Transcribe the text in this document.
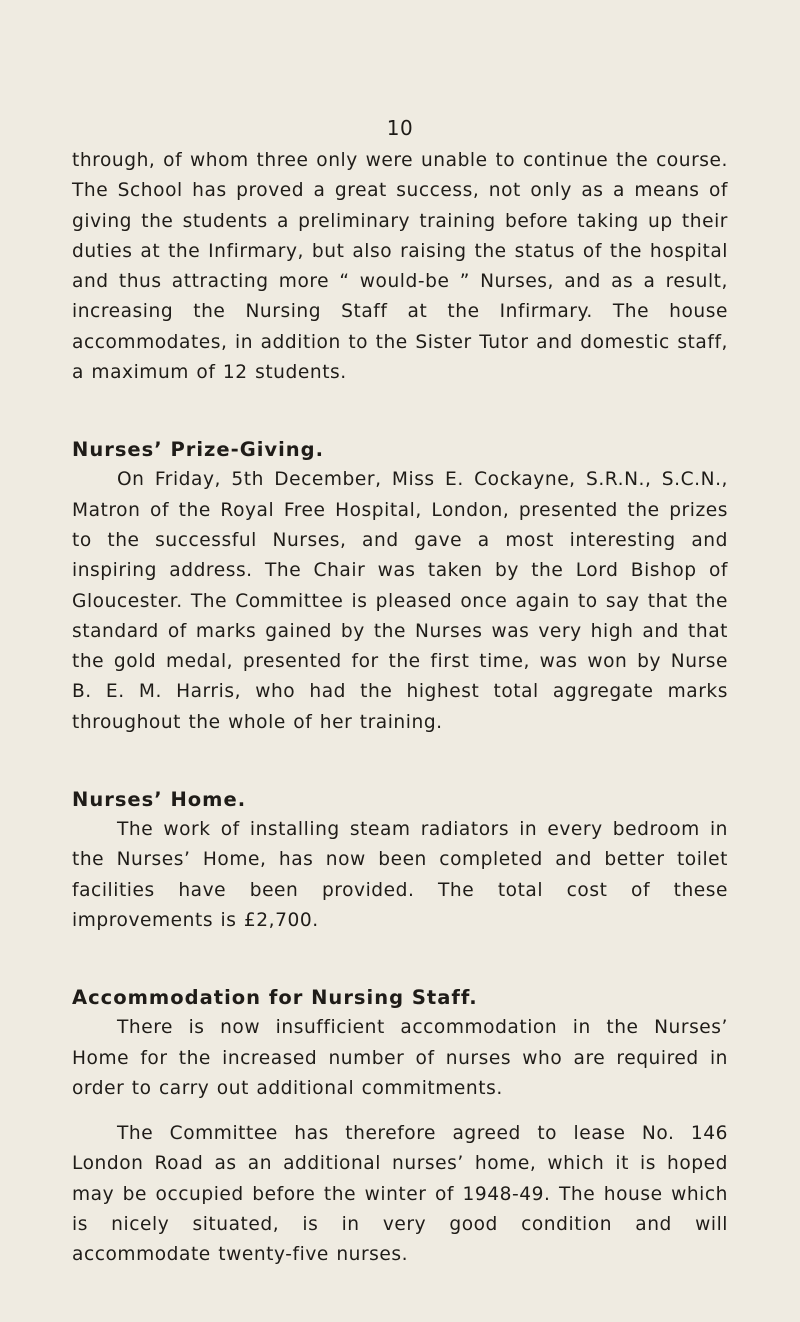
10

through, of whom three only were unable to continue the course. The School has proved a great success, not only as a means of giving the students a preliminary training before taking up their duties at the Infirmary, but also raising the status of the hospital and thus attracting more “ would-be ” Nurses, and as a result, increasing the Nursing Staff at the Infirmary. The house accommodates, in addition to the Sister Tutor and domestic staff, a maximum of 12 students.

Nurses’ Prize-Giving.

On Friday, 5th December, Miss E. Cockayne, S.R.N., S.C.N., Matron of the Royal Free Hospital, London, presented the prizes to the successful Nurses, and gave a most interesting and inspiring address. The Chair was taken by the Lord Bishop of Gloucester. The Committee is pleased once again to say that the standard of marks gained by the Nurses was very high and that the gold medal, presented for the first time, was won by Nurse B. E. M. Harris, who had the highest total aggregate marks throughout the whole of her training.

Nurses’ Home.

The work of installing steam radiators in every bedroom in the Nurses’ Home, has now been completed and better toilet facilities have been provided. The total cost of these improvements is £2,700.

Accommodation for Nursing Staff.

There is now insufficient accommodation in the Nurses’ Home for the increased number of nurses who are required in order to carry out additional commitments.

The Committee has therefore agreed to lease No. 146 London Road as an additional nurses’ home, which it is hoped may be occupied before the winter of 1948-49. The house which is nicely situated, is in very good condition and will accommodate twenty-five nurses.
